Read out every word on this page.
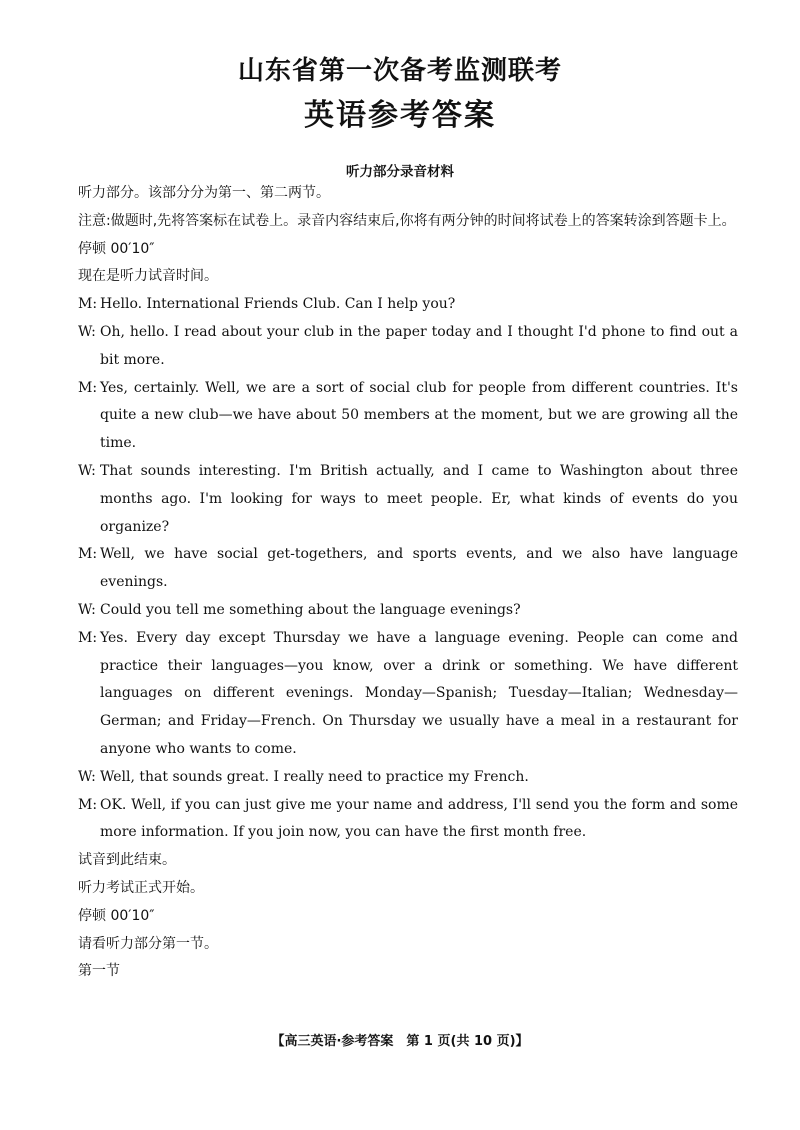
山东省第一次备考监测联考
英语参考答案
听力部分录音材料

听力部分。该部分分为第一、第二两节。

注意:做题时,先将答案标在试卷上。录音内容结束后,你将有两分钟的时间将试卷上的答案转涂到答题卡上。

停顿 00′10″

现在是听力试音时间。

M: Hello. International Friends Club. Can I help you?
W: Oh, hello. I read about your club in the paper today and I thought I'd phone to find out a bit more.
M: Yes, certainly. Well, we are a sort of social club for people from different countries. It's quite a new club—we have about 50 members at the moment, but we are growing all the time.
W: That sounds interesting. I'm British actually, and I came to Washington about three months ago. I'm looking for ways to meet people. Er, what kinds of events do you organize?
M: Well, we have social get-togethers, and sports events, and we also have language evenings.
W: Could you tell me something about the language evenings?
M: Yes. Every day except Thursday we have a language evening. People can come and practice their languages—you know, over a drink or something. We have different languages on different evenings. Monday—Spanish; Tuesday—Italian; Wednesday—German; and Friday—French. On Thursday we usually have a meal in a restaurant for anyone who wants to come.
W: Well, that sounds great. I really need to practice my French.
M: OK. Well, if you can just give me your name and address, I'll send you the form and some more information. If you join now, you can have the first month free.

试音到此结束。

听力考试正式开始。

停顿 00′10″

请看听力部分第一节。

第一节

【高三英语·参考答案　第 1 页(共 10 页)】
